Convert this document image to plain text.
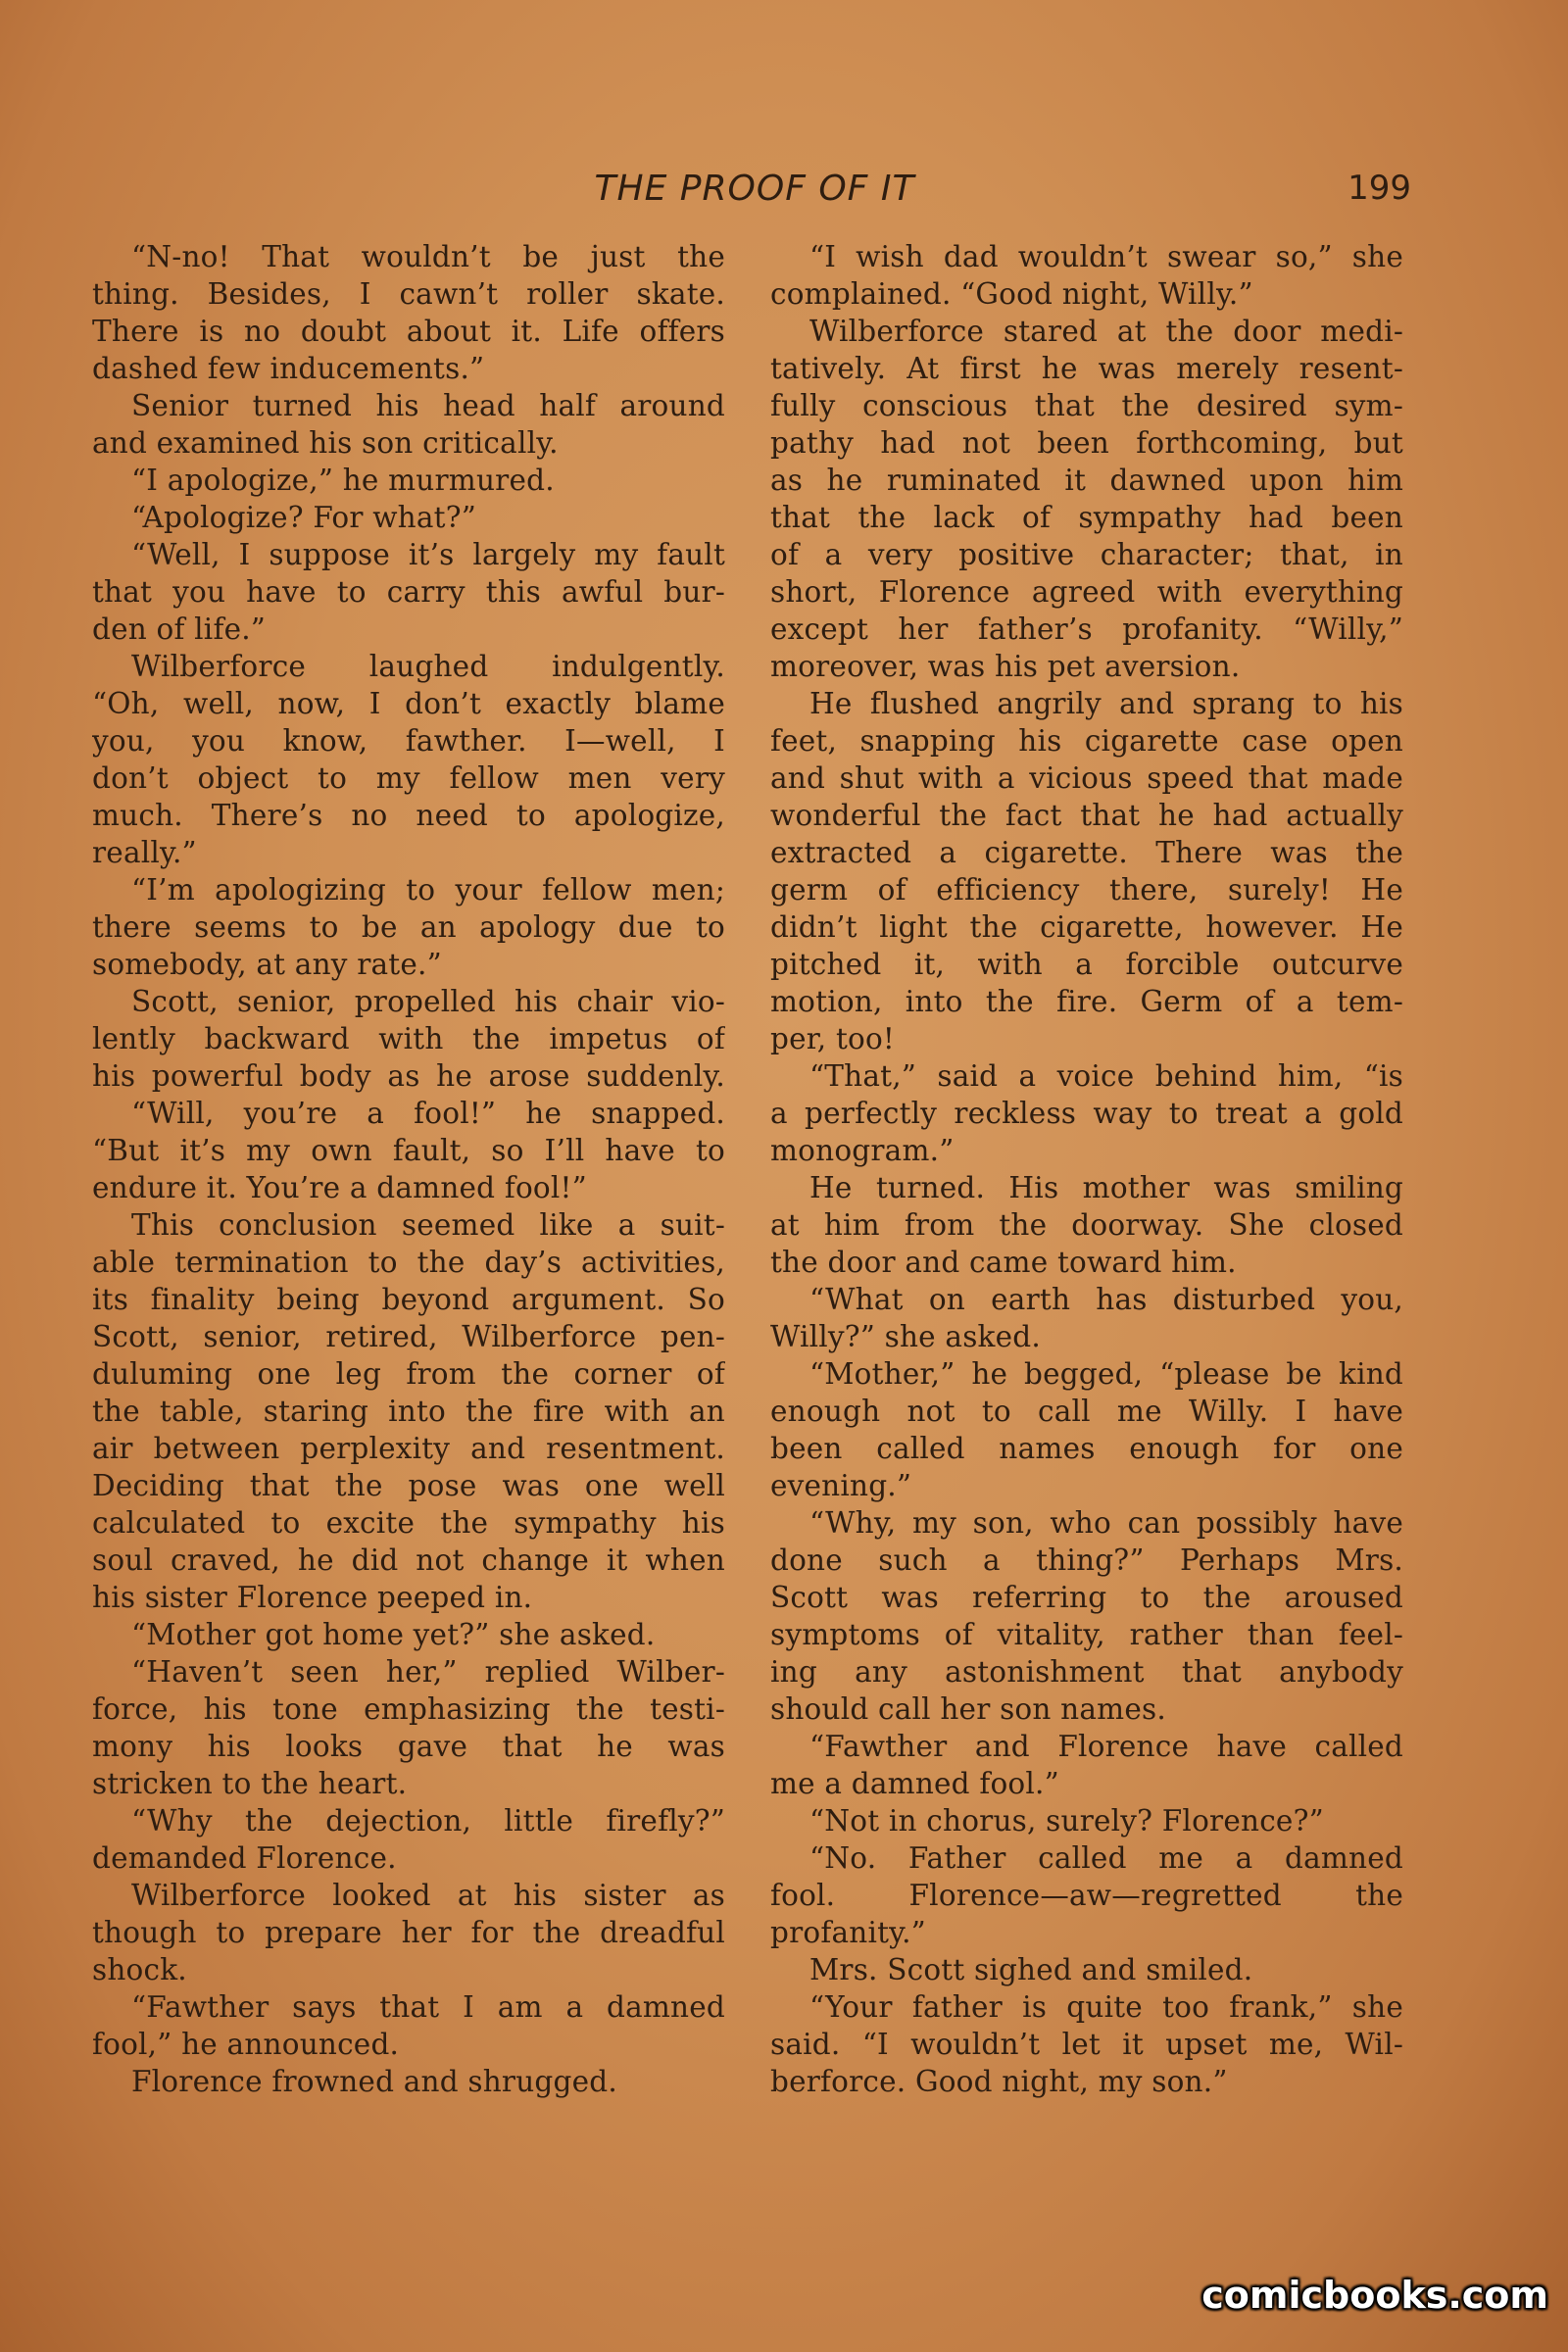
THE PROOF OF IT	199
“N-no! That wouldn’t be just the
thing. Besides, I cawn’t roller skate.
There is no doubt about it. Life offers
dashed few inducements.”
Senior turned his head half around
and examined his son critically.
“I apologize,” he murmured.
“Apologize? For what?”
“Well, I suppose it’s largely my fault
that you have to carry this awful bur-
den of life.”
Wilberforce laughed indulgently.
“Oh, well, now, I don’t exactly blame
you, you know, fawther. I—well, I
don’t object to my fellow men very
much. There’s no need to apologize,
really.”
“I’m apologizing to your fellow men;
there seems to be an apology due to
somebody, at any rate.”
Scott, senior, propelled his chair vio-
lently backward with the impetus of
his powerful body as he arose suddenly.
“Will, you’re a fool!” he snapped.
“But it’s my own fault, so I’ll have to
endure it. You’re a damned fool!”
This conclusion seemed like a suit-
able termination to the day’s activities,
its finality being beyond argument. So
Scott, senior, retired, Wilberforce pen-
duluming one leg from the corner of
the table, staring into the fire with an
air between perplexity and resentment.
Deciding that the pose was one well
calculated to excite the sympathy his
soul craved, he did not change it when
his sister Florence peeped in.
“Mother got home yet?” she asked.
“Haven’t seen her,” replied Wilber-
force, his tone emphasizing the testi-
mony his looks gave that he was
stricken to the heart.
“Why the dejection, little firefly?”
demanded Florence.
Wilberforce looked at his sister as
though to prepare her for the dreadful
shock.
“Fawther says that I am a damned
fool,” he announced.
Florence frowned and shrugged.
“I wish dad wouldn’t swear so,” she
complained. “Good night, Willy.”
Wilberforce stared at the door medi-
tatively. At first he was merely resent-
fully conscious that the desired sym-
pathy had not been forthcoming, but
as he ruminated it dawned upon him
that the lack of sympathy had been
of a very positive character; that, in
short, Florence agreed with everything
except her father’s profanity. “Willy,”
moreover, was his pet aversion.
He flushed angrily and sprang to his
feet, snapping his cigarette case open
and shut with a vicious speed that made
wonderful the fact that he had actually
extracted a cigarette. There was the
germ of efficiency there, surely! He
didn’t light the cigarette, however. He
pitched it, with a forcible outcurve
motion, into the fire. Germ of a tem-
per, too!
“That,” said a voice behind him, “is
a perfectly reckless way to treat a gold
monogram.”
He turned. His mother was smiling
at him from the doorway. She closed
the door and came toward him.
“What on earth has disturbed you,
Willy?” she asked.
“Mother,” he begged, “please be kind
enough not to call me Willy. I have
been called names enough for one
evening.”
“Why, my son, who can possibly have
done such a thing?” Perhaps Mrs.
Scott was referring to the aroused
symptoms of vitality, rather than feel-
ing any astonishment that anybody
should call her son names.
“Fawther and Florence have called
me a damned fool.”
“Not in chorus, surely? Florence?”
“No. Father called me a damned
fool. Florence—aw—regretted the
profanity.”
Mrs. Scott sighed and smiled.
“Your father is quite too frank,” she
said. “I wouldn’t let it upset me, Wil-
berforce. Good night, my son.”
comicbooks.com
